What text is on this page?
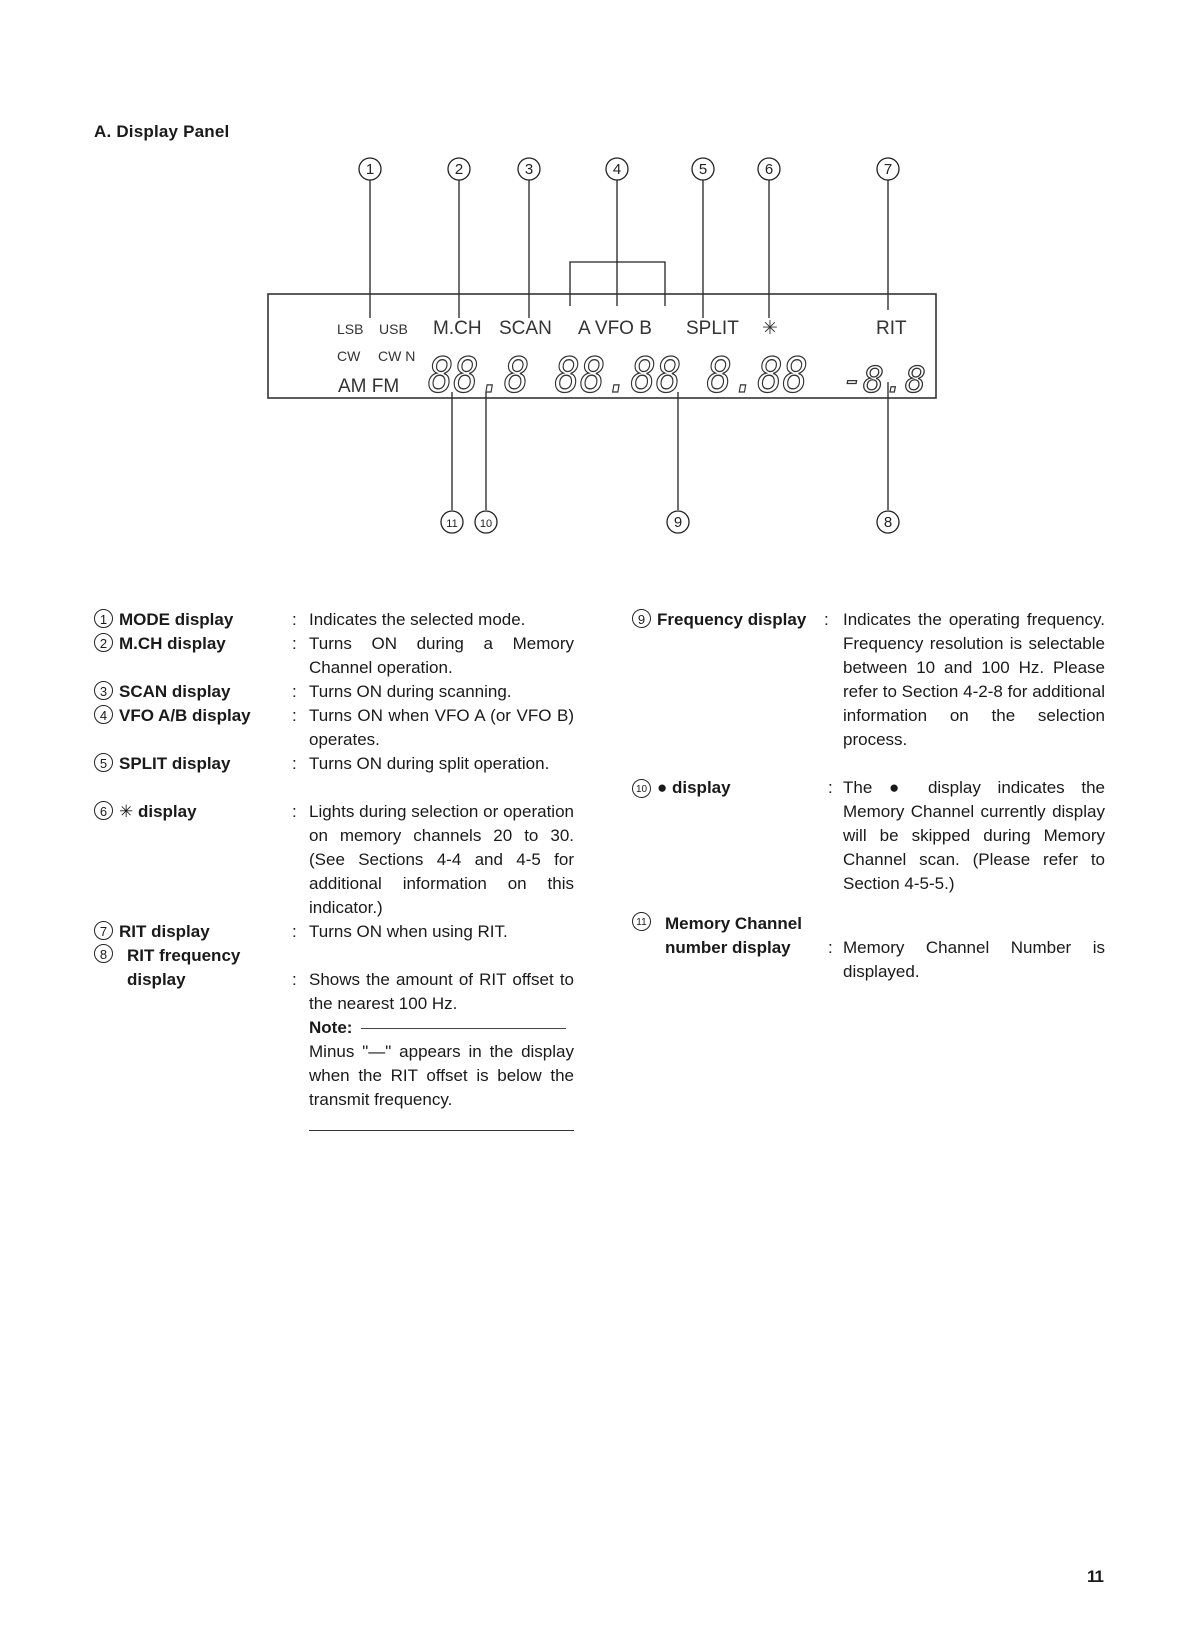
A. Display Panel
LSB USB M.CH SCAN A VFO B SPLIT ✳	RIT
CW CW N
AM FM 88.8 88.88 8.88 -8.8
1	2	3	4	5	6	7
11 10	9	8
1 MODE display	: Indicates the selected mode.
2 M.CH display	: Turns ON during a Memory Channel operation.
3 SCAN display	: Turns ON during scanning.
4 VFO A/B display : Turns ON when VFO A (or VFO B) operates.
5 SPLIT display	: Turns ON during split operation.
6 ✳ display	: Lights during selection or operation on memory channels 20 to 30. (See Sections 4-4 and 4-5 for additional information on this indicator.)
7 RIT display	: Turns ON when using RIT.
8	RIT frequency display	: Shows the amount of RIT offset to the nearest 100 Hz.
Note:
Minus "—" appears in the display when the RIT offset is below the transmit frequency.
9 Frequency display : Indicates the operating frequency. Frequency resolution is selectable between 10 and 100 Hz. Please refer to Section 4-2-8 for additional information on the selection process.
10 ● display	: The ● display indicates the Memory Channel currently display will be skipped during Memory Channel scan. (Please refer to Section 4-5-5.)
11 Memory Channel number display	: Memory Channel Number is displayed.
11
